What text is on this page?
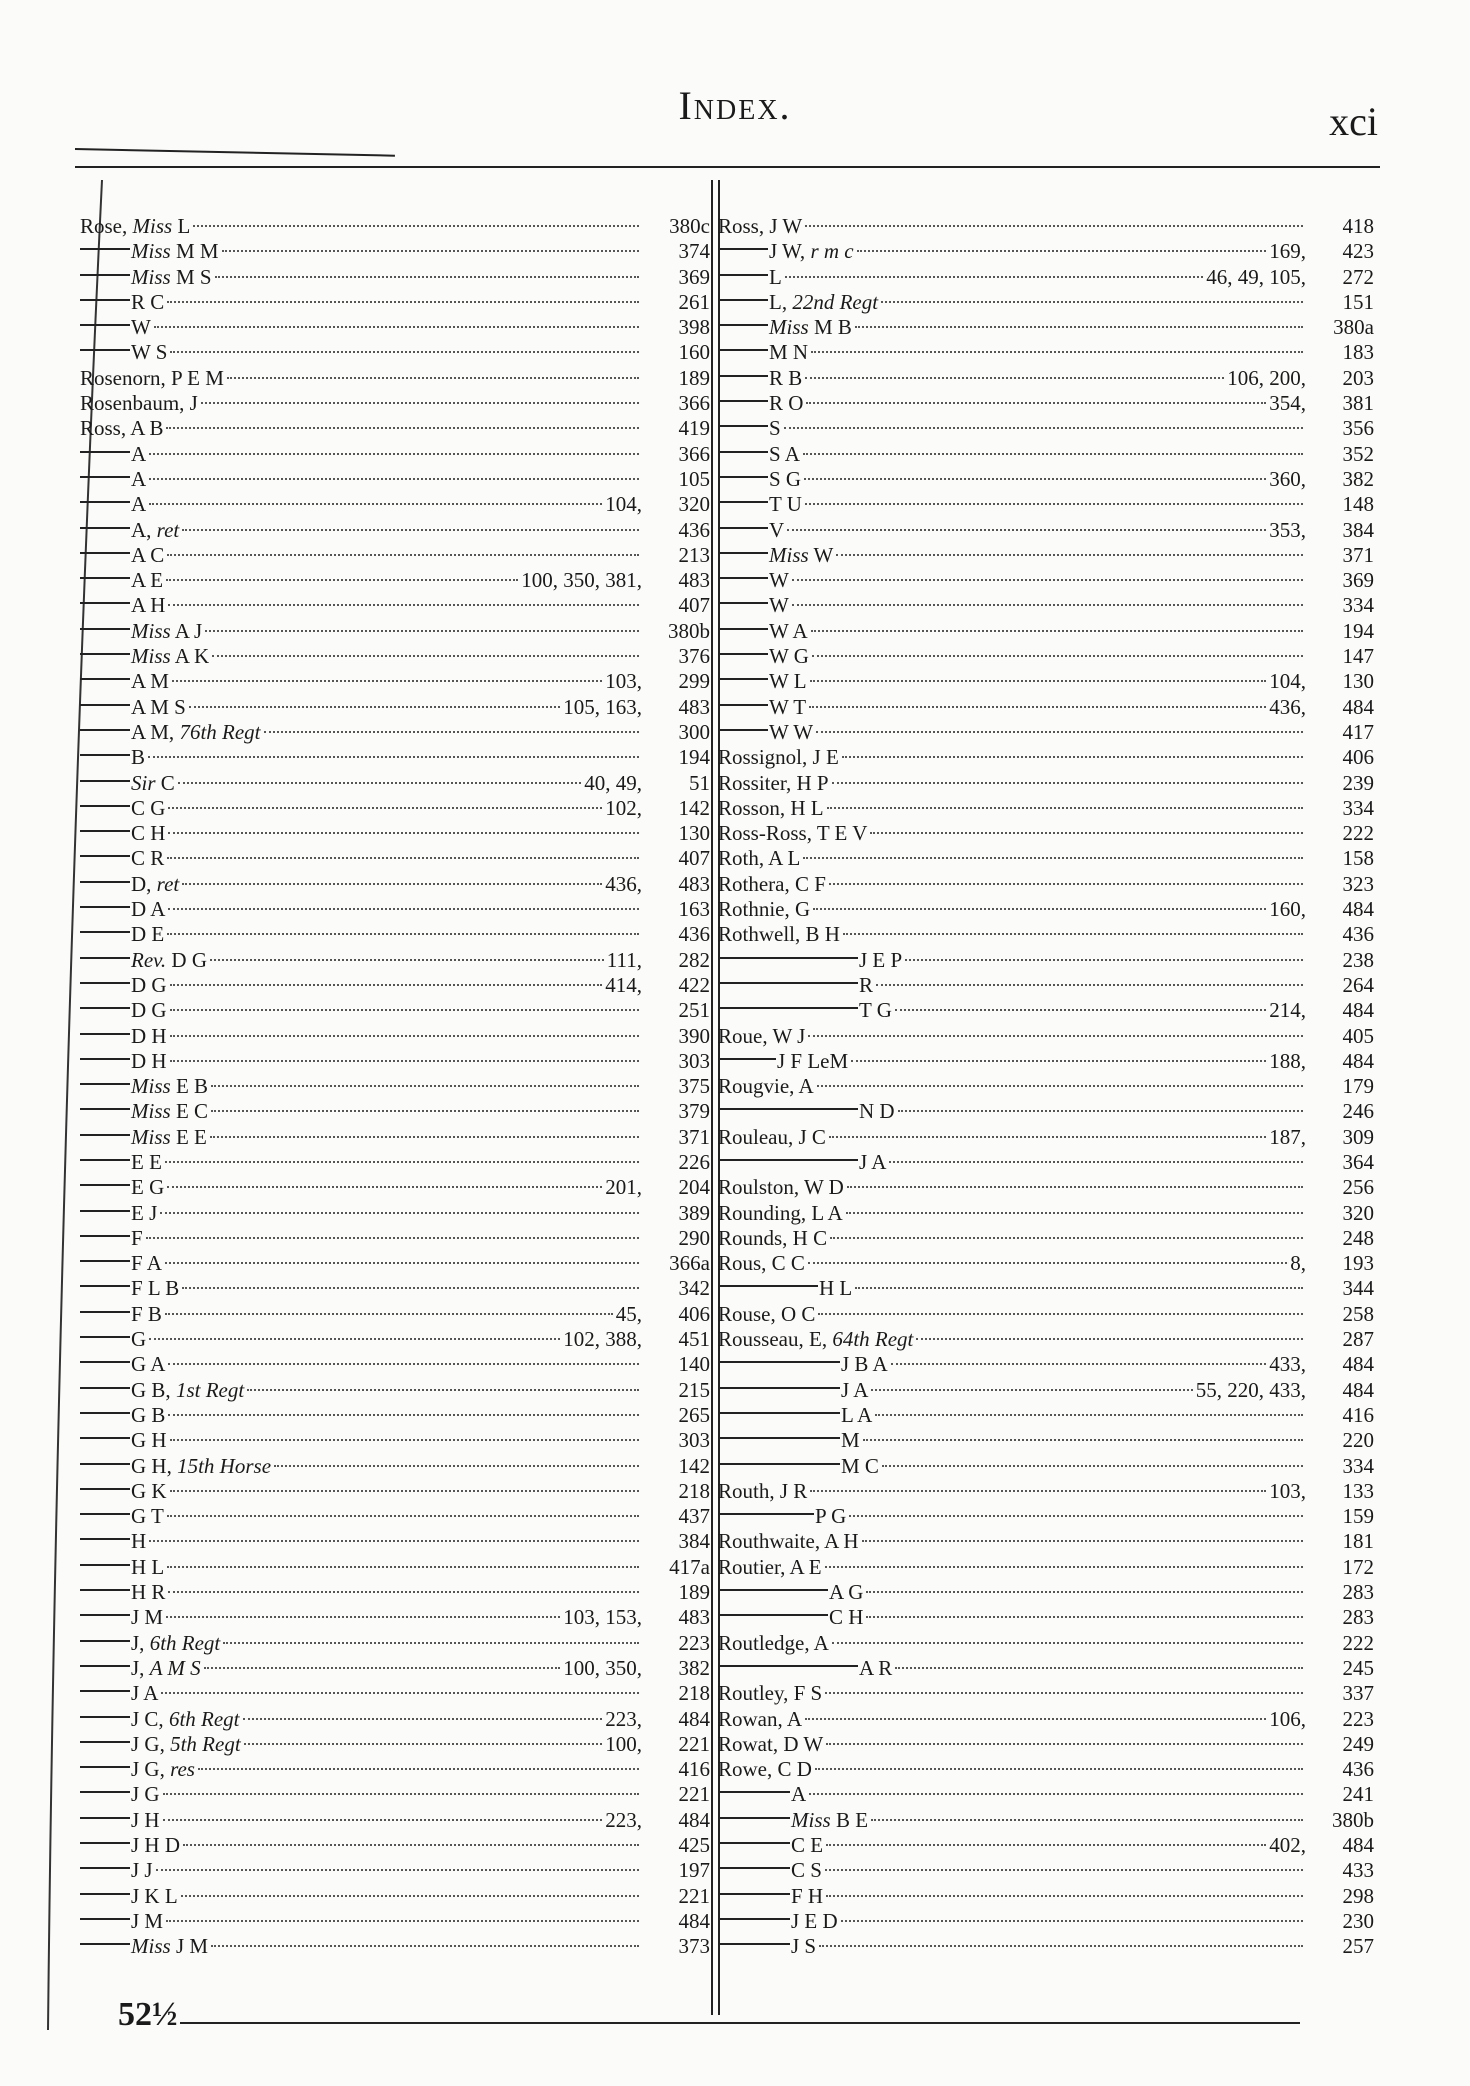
Index.	xci
Rose, Miss L	380c
Miss M M	374
Miss M S	369
R C	261
W	398
W S	160
Rosenorn, P E M	189
Rosenbaum, J	366
Ross, A B	419
A	366
A	105
A	104,	320
A, ret	436
A C	213
A E	100, 350, 381,	483
A H	407
Miss A J	380b
Miss A K	376
A M	103,	299
A M S	105, 163,	483
A M, 76th Regt	300
B	194
Sir C	40, 49,	51
C G	102,	142
C H	130
C R	407
D, ret	436,	483
D A	163
D E	436
Rev. D G	111,	282
D G	414,	422
D G	251
D H	390
D H	303
Miss E B	375
Miss E C	379
Miss E E	371
E E	226
E G	201,	204
E J	389
F	290
F A	366a
F L B	342
F B	45,	406
G	102, 388,	451
G A	140
G B, 1st Regt	215
G B	265
G H	303
G H, 15th Horse	142
G K	218
G T	437
H	384
H L	417a
H R	189
J M	103, 153,	483
J, 6th Regt	223
J, A M S	100, 350,	382
J A	218
J C, 6th Regt	223,	484
J G, 5th Regt	100,	221
J G, res	416
J G	221
J H	223,	484
J H D	425
J J	197
J K L	221
J M	484
Miss J M	373
Ross, J W	418
J W, r m c	169,	423
L	46, 49, 105,	272
L, 22nd Regt	151
Miss M B	380a
M N	183
R B	106, 200,	203
R O	354,	381
S	356
S A	352
S G	360,	382
T U	148
V	353,	384
Miss W	371
W	369
W	334
W A	194
W G	147
W L	104,	130
W T	436,	484
W W	417
Rossignol, J E	406
Rossiter, H P	239
Rosson, H L	334
Ross-Ross, T E V	222
Roth, A L	158
Rothera, C F	323
Rothnie, G	160,	484
Rothwell, B H	436
J E P	238
R	264
T G	214,	484
Roue, W J	405
J F LeM	188,	484
Rougvie, A	179
N D	246
Rouleau, J C	187,	309
J A	364
Roulston, W D	256
Rounding, L A	320
Rounds, H C	248
Rous, C C	8,	193
H L	344
Rouse, O C	258
Rousseau, E, 64th Regt	287
J B A	433,	484
J A	55, 220, 433,	484
L A	416
M	220
M C	334
Routh, J R	103,	133
P G	159
Routhwaite, A H	181
Routier, A E	172
A G	283
C H	283
Routledge, A	222
A R	245
Routley, F S	337
Rowan, A	106,	223
Rowat, D W	249
Rowe, C D	436
A	241
Miss B E	380b
C E	402,	484
C S	433
F H	298
J E D	230
J S	257
52½
